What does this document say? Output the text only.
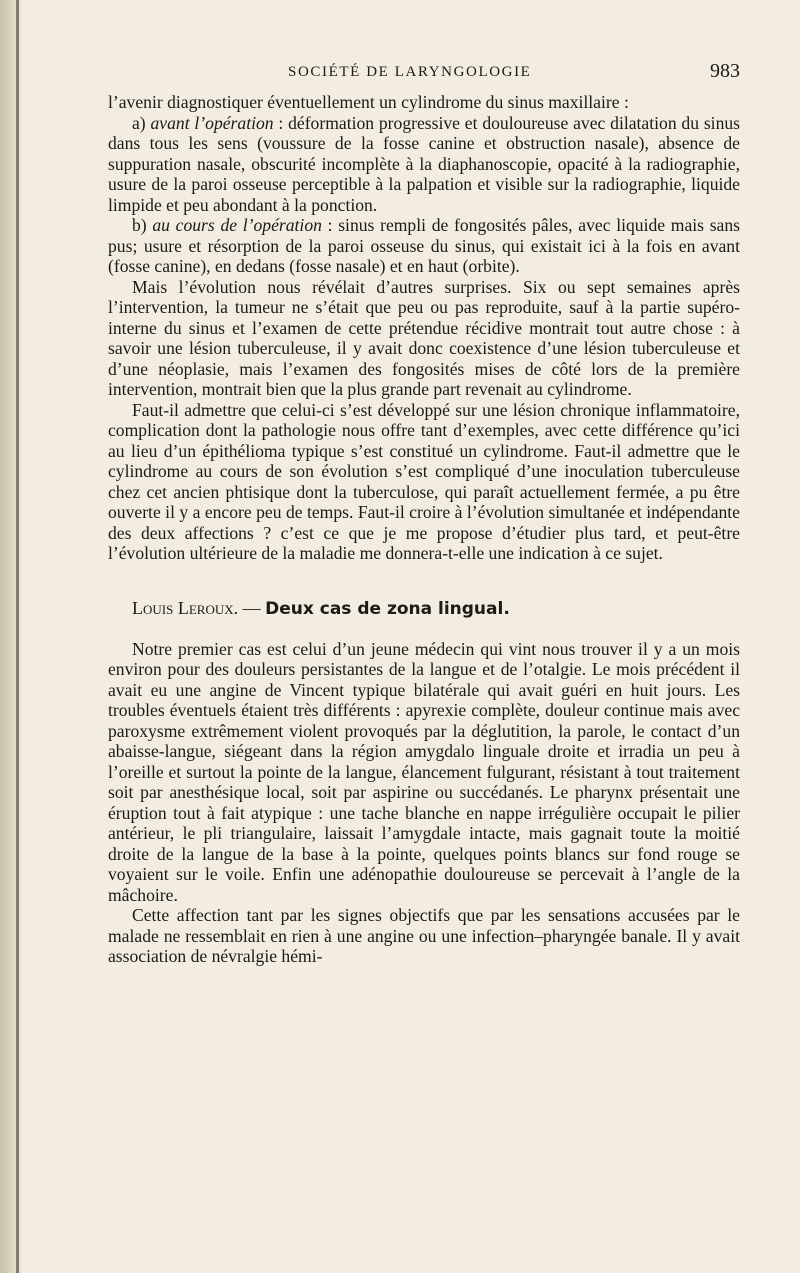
SOCIÉTÉ DE LARYNGOLOGIE	983

l’avenir diagnostiquer éventuellement un cylindrome du sinus maxillaire :

a) avant l’opération : déformation progressive et douloureuse avec dilatation du sinus dans tous les sens (voussure de la fosse canine et obstruction nasale), absence de suppuration nasale, obscurité incomplète à la diaphanoscopie, opacité à la radiographie, usure de la paroi osseuse perceptible à la palpation et visible sur la radiographie, liquide limpide et peu abondant à la ponction.

b) au cours de l’opération : sinus rempli de fongosités pâles, avec liquide mais sans pus; usure et résorption de la paroi osseuse du sinus, qui existait ici à la fois en avant (fosse canine), en dedans (fosse nasale) et en haut (orbite).

Mais l’évolution nous révélait d’autres surprises. Six ou sept semaines après l’intervention, la tumeur ne s’était que peu ou pas reproduite, sauf à la partie supéro-interne du sinus et l’examen de cette prétendue récidive montrait tout autre chose : à savoir une lésion tuberculeuse, il y avait donc coexistence d’une lésion tuberculeuse et d’une néoplasie, mais l’examen des fongosités mises de côté lors de la première intervention, montrait bien que la plus grande part revenait au cylindrome.

Faut-il admettre que celui-ci s’est développé sur une lésion chronique inflammatoire, complication dont la pathologie nous offre tant d’exemples, avec cette différence qu’ici au lieu d’un épithélioma typique s’est constitué un cylindrome. Faut-il admettre que le cylindrome au cours de son évolution s’est compliqué d’une inoculation tuberculeuse chez cet ancien phtisique dont la tuberculose, qui paraît actuellement fermée, a pu être ouverte il y a encore peu de temps. Faut-il croire à l’évolution simultanée et indépendante des deux affections ? c’est ce que je me propose d’étudier plus tard, et peut-être l’évolution ultérieure de la maladie me donnera-t-elle une indication à ce sujet.

Louis Leroux. — Deux cas de zona lingual.

Notre premier cas est celui d’un jeune médecin qui vint nous trouver il y a un mois environ pour des douleurs persistantes de la langue et de l’otalgie. Le mois précédent il avait eu une angine de Vincent typique bilatérale qui avait guéri en huit jours. Les troubles éventuels étaient très différents : apyrexie complète, douleur continue mais avec paroxysme extrêmement violent provoqués par la déglutition, la parole, le contact d’un abaisse-langue, siégeant dans la région amygdalo linguale droite et irradia un peu à l’oreille et surtout la pointe de la langue, élancement fulgurant, résistant à tout traitement soit par anesthésique local, soit par aspirine ou succédanés. Le pharynx présentait une éruption tout à fait atypique : une tache blanche en nappe irrégulière occupait le pilier antérieur, le pli triangulaire, laissait l’amygdale intacte, mais gagnait toute la moitié droite de la langue de la base à la pointe, quelques points blancs sur fond rouge se voyaient sur le voile. Enfin une adénopathie douloureuse se percevait à l’angle de la mâchoire.

Cette affection tant par les signes objectifs que par les sensations accusées par le malade ne ressemblait en rien à une angine ou une infection–pharyngée banale. Il y avait association de névralgie hémi-
